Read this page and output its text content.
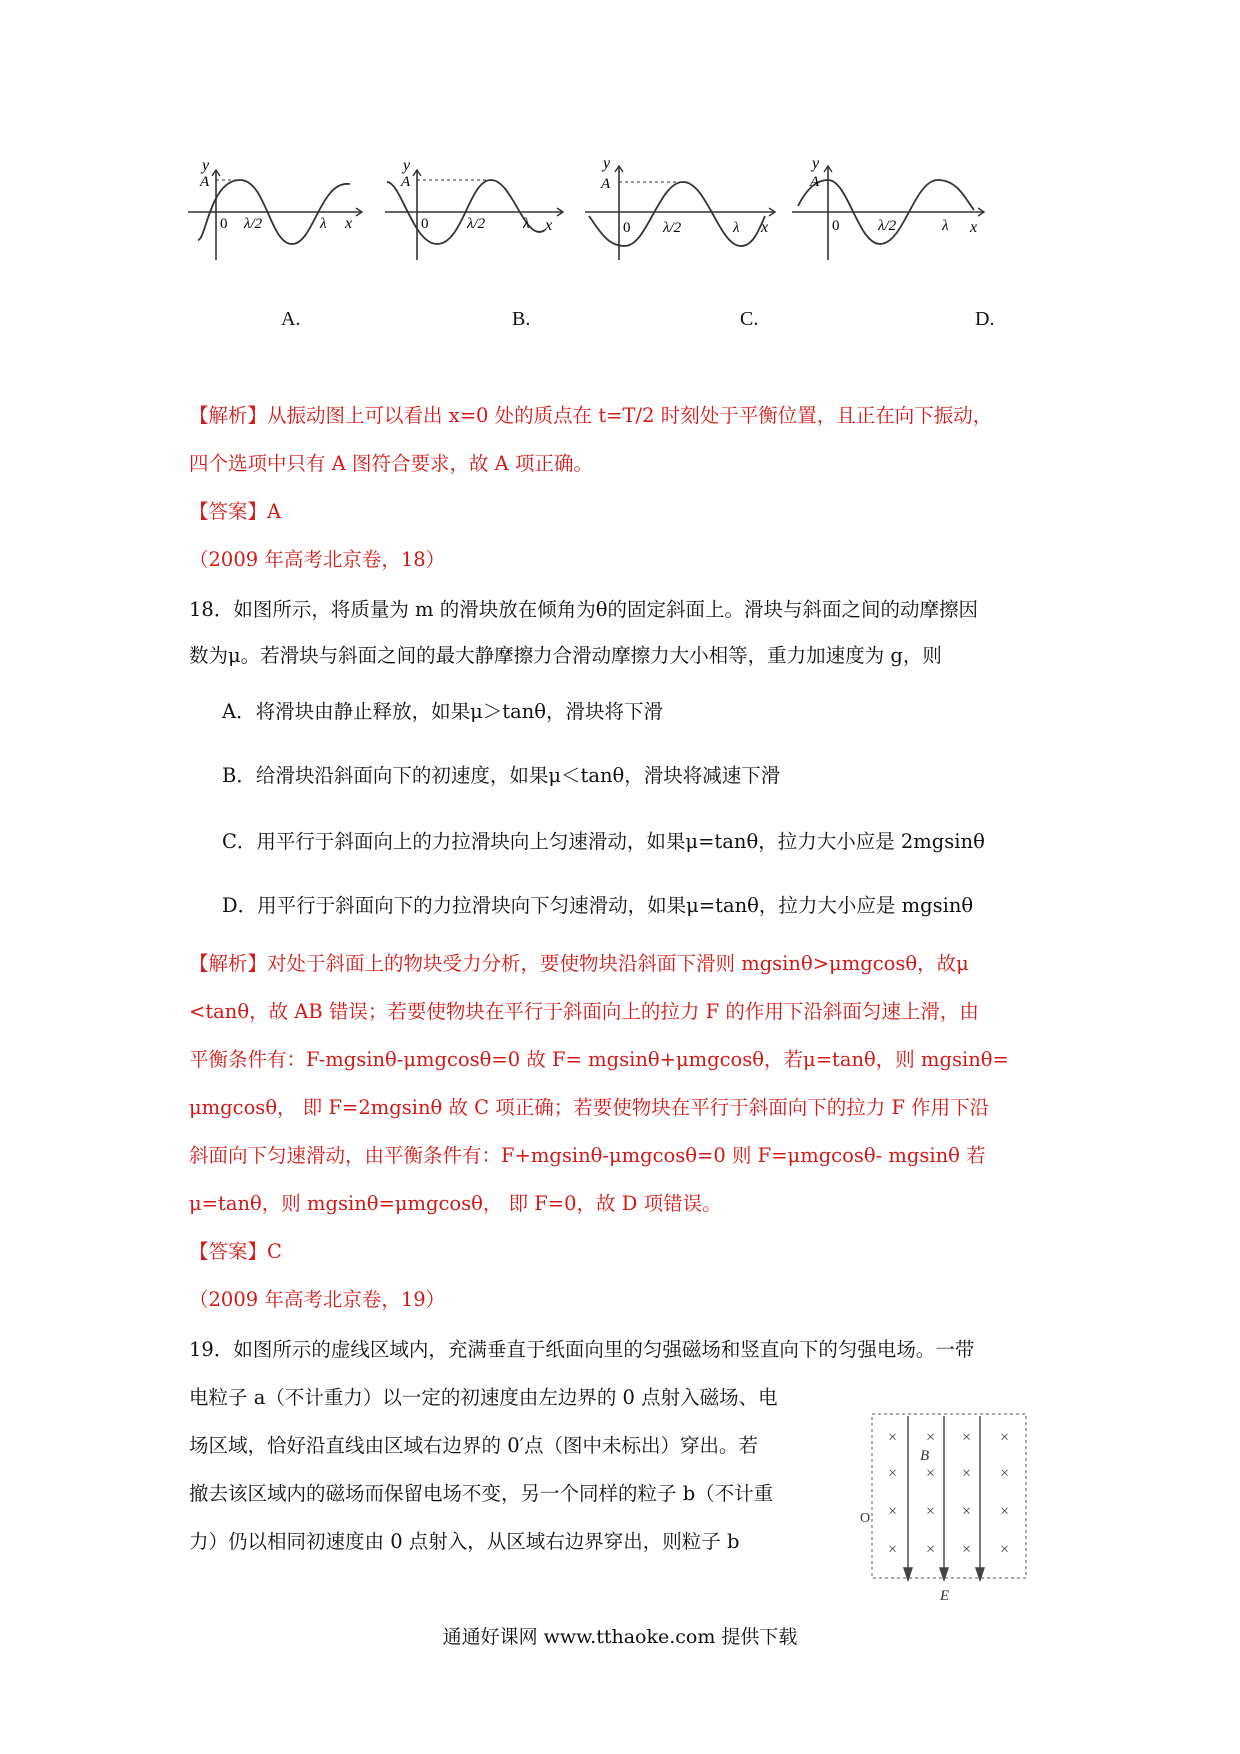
y
A
0 λ/2	λ x
y
A
0	λ/2	λ x
y
A
0 λ/2	λ x
y
A
0	λ/2	λ x
A.	B.	C.	D.
【解析】从振动图上可以看出 x=0 处的质点在 t=T/2 时刻处于平衡位置，且正在向下振动，
四个选项中只有 A 图符合要求，故 A 项正确。
【答案】A
（2009 年高考北京卷，18）
18．如图所示，将质量为 m 的滑块放在倾角为θ的固定斜面上。滑块与斜面之间的动摩擦因
数为μ。若滑块与斜面之间的最大静摩擦力合滑动摩擦力大小相等，重力加速度为 g，则
A．将滑块由静止释放，如果μ＞tanθ，滑块将下滑
B．给滑块沿斜面向下的初速度，如果μ＜tanθ，滑块将减速下滑
C．用平行于斜面向上的力拉滑块向上匀速滑动，如果μ=tanθ，拉力大小应是 2mgsinθ
D．用平行于斜面向下的力拉滑块向下匀速滑动，如果μ=tanθ，拉力大小应是 mgsinθ
【解析】对处于斜面上的物块受力分析，要使物块沿斜面下滑则 mgsinθ>μmgcosθ，故μ
<tanθ，故 AB 错误；若要使物块在平行于斜面向上的拉力 F 的作用下沿斜面匀速上滑，由
平衡条件有：F-mgsinθ-μmgcosθ=0 故 F= mgsinθ+μmgcosθ，若μ=tanθ，则 mgsinθ=
μmgcosθ， 即 F=2mgsinθ 故 C 项正确；若要使物块在平行于斜面向下的拉力 F 作用下沿
斜面向下匀速滑动，由平衡条件有：F+mgsinθ-μmgcosθ=0 则 F=μmgcosθ- mgsinθ 若
μ=tanθ，则 mgsinθ=μmgcosθ， 即 F=0，故 D 项错误。
【答案】C
（2009 年高考北京卷，19）
19．如图所示的虚线区域内，充满垂直于纸面向里的匀强磁场和竖直向下的匀强电场。一带
电粒子 a（不计重力）以一定的初速度由左边界的 0 点射入磁场、电
场区域，恰好沿直线由区域右边界的 0′点（图中未标出）穿出。若
撤去该区域内的磁场而保留电场不变，另一个同样的粒子 b（不计重
力）仍以相同初速度由 0 点射入，从区域右边界穿出，则粒子 b
× × × ×
× × × ×
× × × ×
× × × ×
B
E
O
通通好课网 www.tthaoke.com 提供下载
